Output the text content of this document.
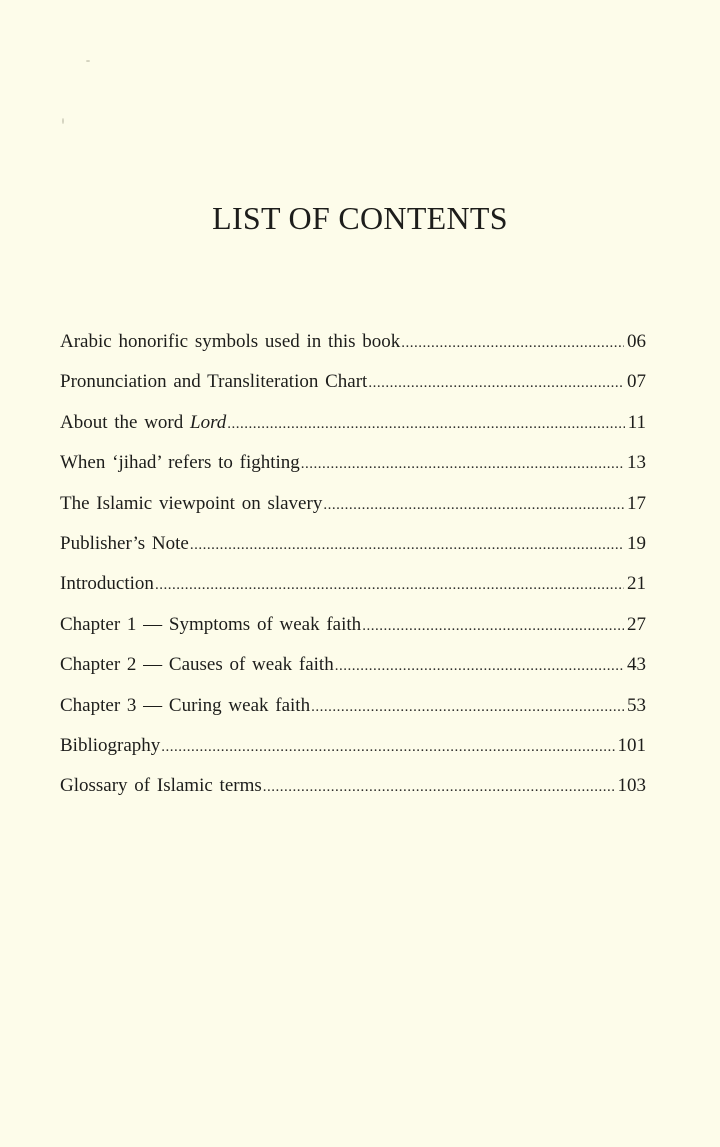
LIST OF CONTENTS
Arabic honorific symbols used in this book .....	06
Pronunciation and Transliteration Chart .....	07
About the word Lord .....	11
When ‘jihad’ refers to fighting .....	13
The Islamic viewpoint on slavery .....	17
Publisher’s Note .....	19
Introduction .....	21
Chapter 1 — Symptoms of weak faith .....	27
Chapter 2 — Causes of weak faith .....	43
Chapter 3 — Curing weak faith .....	53
Bibliography .....	101
Glossary of Islamic terms .....	103
